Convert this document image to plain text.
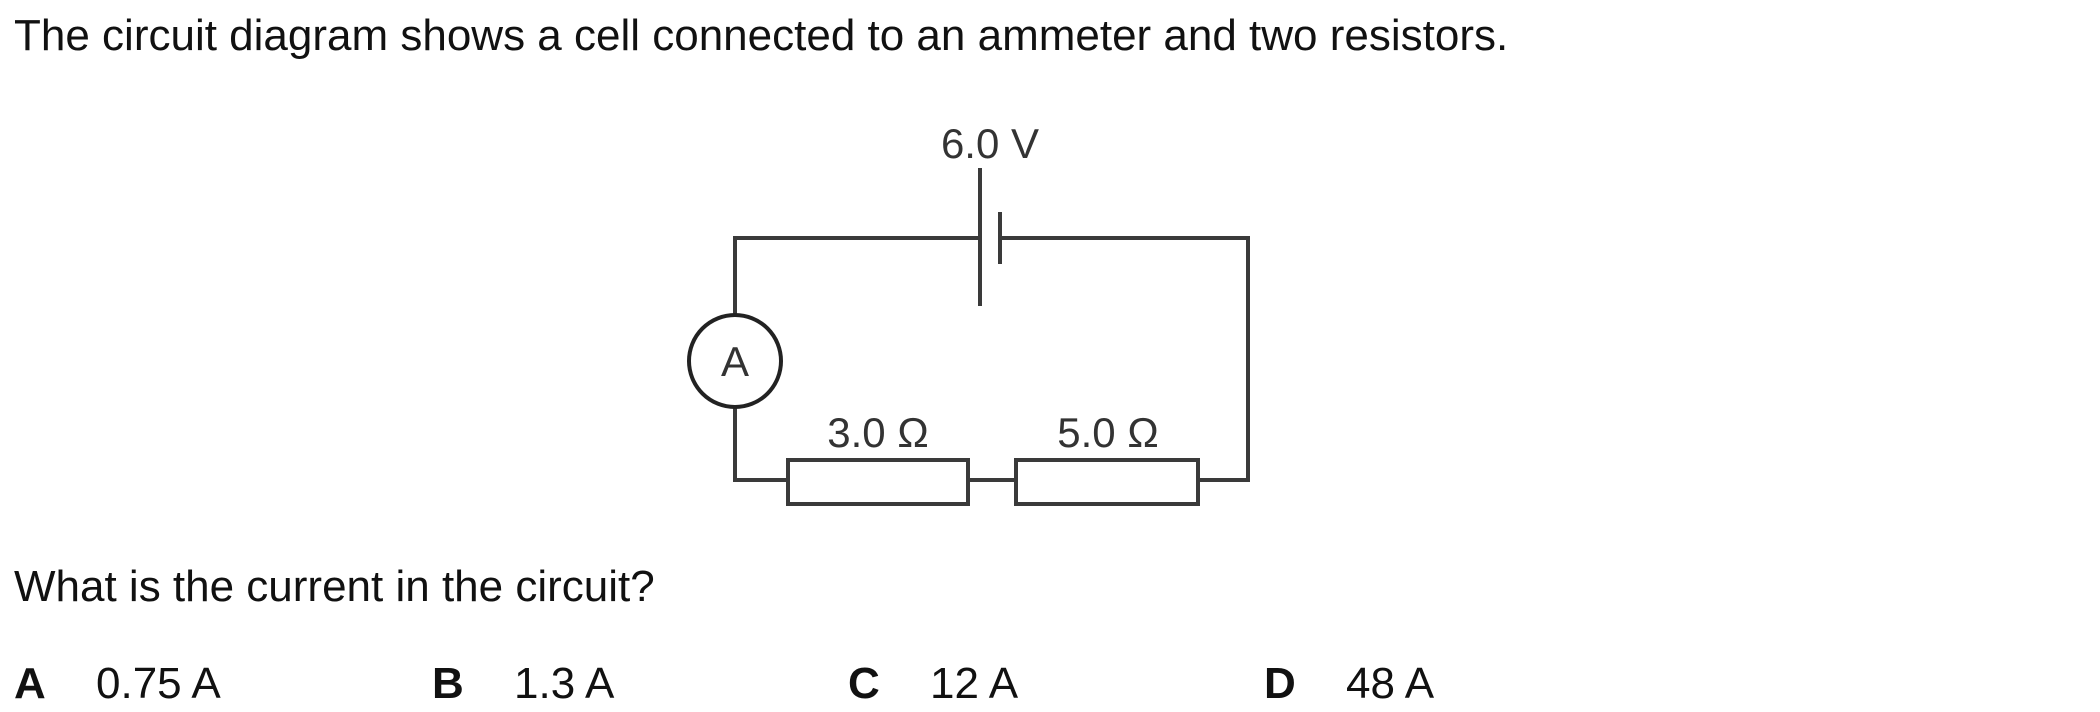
The circuit diagram shows a cell connected to an ammeter and two resistors.
6.0 V
A
3.0 Ω	5.0 Ω
What is the current in the circuit?
A 0.75 A	B 1.3 A	C 12 A	D 48 A
